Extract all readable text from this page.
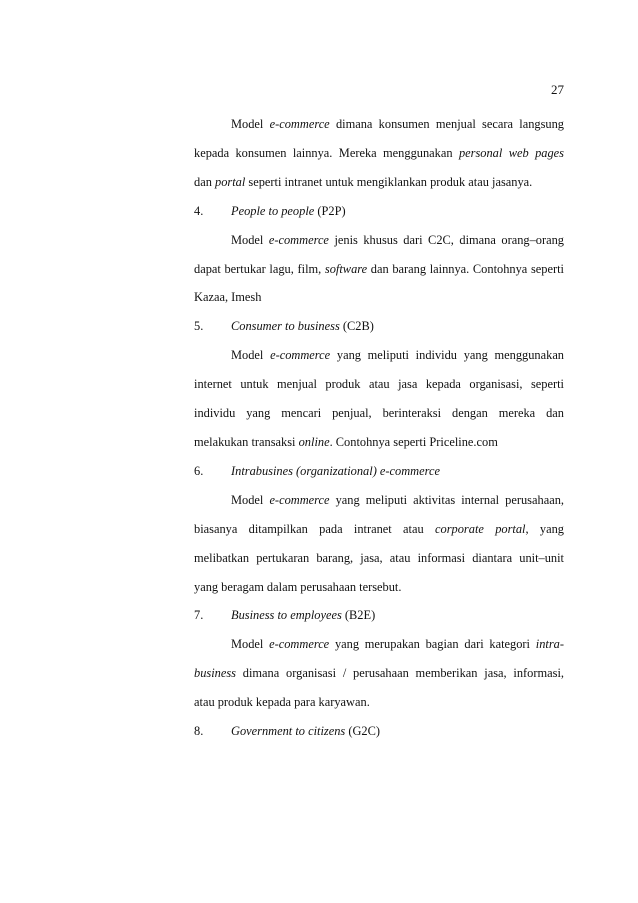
27
Model e-commerce dimana konsumen menjual secara langsung
kepada konsumen lainnya. Mereka menggunakan personal web pages
dan portal seperti intranet untuk mengiklankan produk atau jasanya.
4.	People to people (P2P)
Model e-commerce jenis khusus dari C2C, dimana orang–orang
dapat bertukar lagu, film, software dan barang lainnya. Contohnya seperti
Kazaa, Imesh
5.	Consumer to business (C2B)
Model e-commerce yang meliputi individu yang menggunakan
internet untuk menjual produk atau jasa kepada organisasi, seperti
individu yang mencari penjual, berinteraksi dengan mereka dan
melakukan transaksi online. Contohnya seperti Priceline.com
6.	Intrabusines (organizational) e-commerce
Model e-commerce yang meliputi aktivitas internal perusahaan,
biasanya ditampilkan pada intranet atau corporate portal, yang
melibatkan pertukaran barang, jasa, atau informasi diantara unit–unit
yang beragam dalam perusahaan tersebut.
7.	Business to employees (B2E)
Model e-commerce yang merupakan bagian dari kategori intra-
business dimana organisasi / perusahaan memberikan jasa, informasi,
atau produk kepada para karyawan.
8.	Government to citizens (G2C)
